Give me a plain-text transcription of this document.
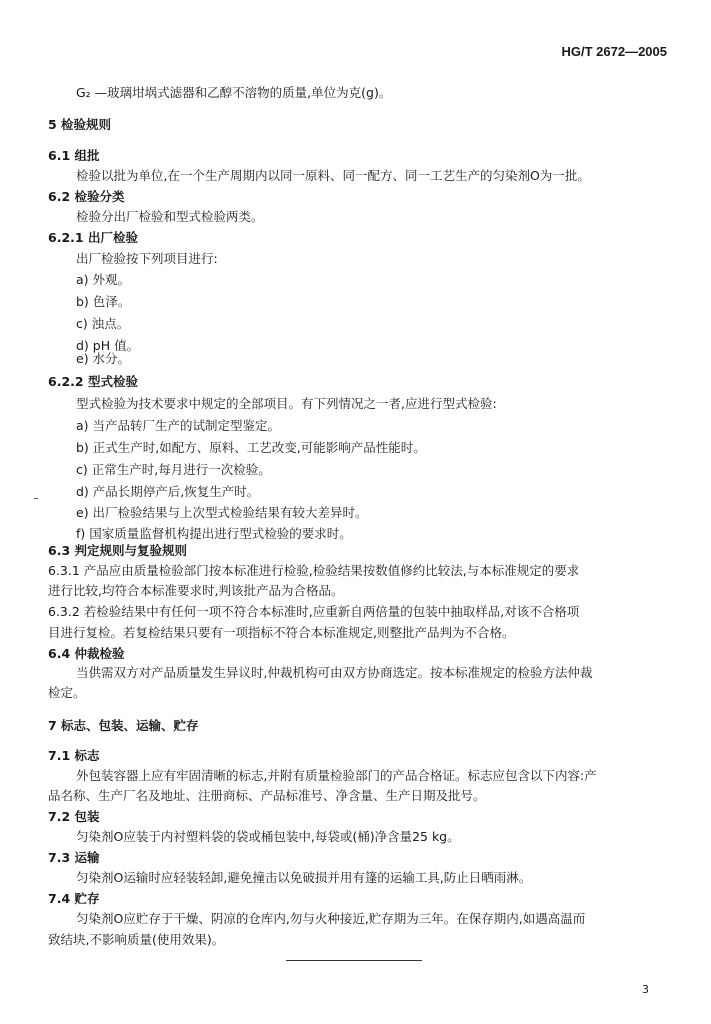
HG/T 2672—2005
G₂ —玻璃坩埚式滤器和乙醇不溶物的质量,单位为克(g)。
5 检验规则
6.1 组批
检验以批为单位,在一个生产周期内以同一原料、同一配方、同一工艺生产的匀染剂O为一批。
6.2 检验分类
检验分出厂检验和型式检验两类。
6.2.1 出厂检验
出厂检验按下列项目进行:
a) 外观。
b) 色泽。
c) 浊点。
d) pH 值。
e) 水分。
6.2.2 型式检验
型式检验为技术要求中规定的全部项目。有下列情况之一者,应进行型式检验:
a) 当产品转厂生产的试制定型鉴定。
b) 正式生产时,如配方、原料、工艺改变,可能影响产品性能时。
c) 正常生产时,每月进行一次检验。
d) 产品长期停产后,恢复生产时。
e) 出厂检验结果与上次型式检验结果有较大差异时。
f) 国家质量监督机构提出进行型式检验的要求时。
6.3 判定规则与复验规则
6.3.1 产品应由质量检验部门按本标准进行检验,检验结果按数值修约比较法,与本标准规定的要求
进行比较,均符合本标准要求时,判该批产品为合格品。
6.3.2 若检验结果中有任何一项不符合本标准时,应重新自两倍量的包装中抽取样品,对该不合格项
目进行复检。若复检结果只要有一项指标不符合本标准规定,则整批产品判为不合格。
6.4 仲裁检验
当供需双方对产品质量发生异议时,仲裁机构可由双方协商选定。按本标准规定的检验方法仲裁
检定。
7 标志、包装、运输、贮存
7.1 标志
外包装容器上应有牢固清晰的标志,并附有质量检验部门的产品合格证。标志应包含以下内容:产
品名称、生产厂名及地址、注册商标、产品标准号、净含量、生产日期及批号。
7.2 包装
匀染剂O应装于内衬塑料袋的袋或桶包装中,每袋或(桶)净含量25 kg。
7.3 运输
匀染剂O运输时应轻装轻卸,避免撞击以免破损并用有篷的运输工具,防止日晒雨淋。
7.4 贮存
匀染剂O应贮存于干燥、阴凉的仓库内,勿与火种接近,贮存期为三年。在保存期内,如遇高温而
致结块,不影响质量(使用效果)。
3
